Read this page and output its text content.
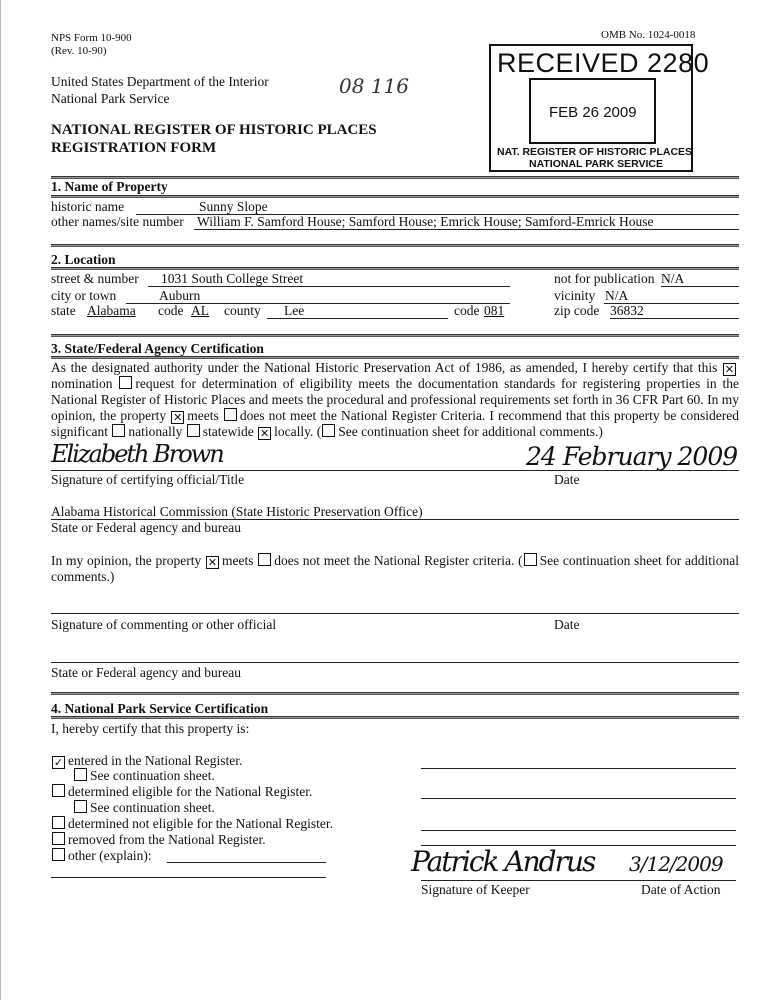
NPS Form 10-900
(Rev. 10-90)
OMB No. 1024-0018
United States Department of the Interior
National Park Service
08 116
NATIONAL REGISTER OF HISTORIC PLACES
REGISTRATION FORM
RECEIVED 2280
FEB 26 2009
NAT. REGISTER OF HISTORIC PLACES
NATIONAL PARK SERVICE
1. Name of Property
historic name	Sunny Slope
other names/site number William F. Samford House; Samford House; Emrick House; Samford-Emrick House
2. Location
street & number 1031 South College Street	not for publication N/A
city or town	Auburn	vicinity N/A
state Alabama code AL county Lee	code 081	zip code 36832
3. State/Federal Agency Certification
As the designated authority under the National Historic Preservation Act of 1986, as amended, I hereby certify that this ✕nomination request for determination of eligibility meets the documentation standards for registering properties in the National Register of Historic Places and meets the procedural and professional requirements set forth in 36 CFR Part 60. In my opinion, the property ✕ meets does not meet the National Register Criteria. I recommend that this property be considered significant nationally statewide ✕ locally. ( See continuation sheet for additional comments.)
Elizabeth Brown	24 February 2009
Signature of certifying official/Title	Date
Alabama Historical Commission (State Historic Preservation Office)
State or Federal agency and bureau
In my opinion, the property ✕ meets does not meet the National Register criteria. ( See continuation sheet for additional comments.)
Signature of commenting or other official	Date
State or Federal agency and bureau
4. National Park Service Certification
I, hereby certify that this property is:
✓ entered in the National Register.
See continuation sheet.
determined eligible for the National Register.
See continuation sheet.
determined not eligible for the National Register.
removed from the National Register.
other (explain):	Patrick Andrus 3/12/2009
Signature of Keeper	Date of Action
